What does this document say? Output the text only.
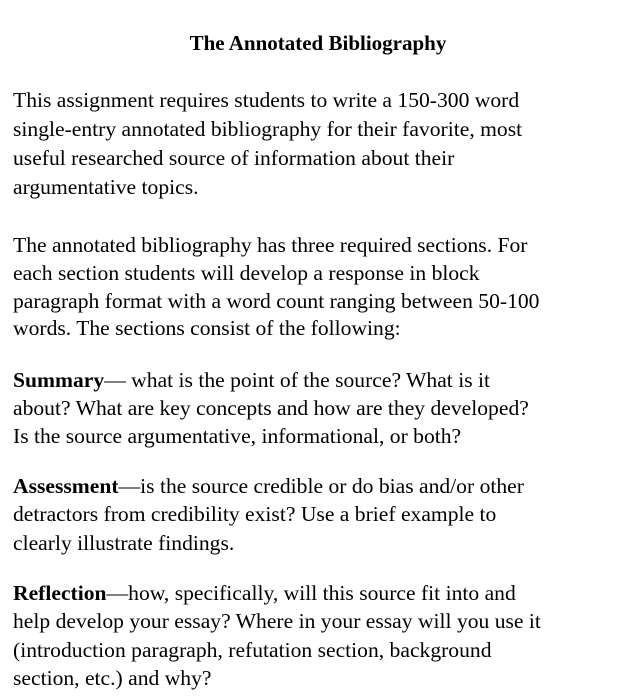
The Annotated Bibliography

This assignment requires students to write a 150-300 word
single-entry annotated bibliography for their favorite, most
useful researched source of information about their
argumentative topics.

The annotated bibliography has three required sections. For
each section students will develop a response in block
paragraph format with a word count ranging between 50-100
words. The sections consist of the following:

Summary— what is the point of the source? What is it
about? What are key concepts and how are they developed?
Is the source argumentative, informational, or both?

Assessment—is the source credible or do bias and/or other
detractors from credibility exist? Use a brief example to
clearly illustrate findings.

Reflection—how, specifically, will this source fit into and
help develop your essay? Where in your essay will you use it
(introduction paragraph, refutation section, background
section, etc.) and why?
